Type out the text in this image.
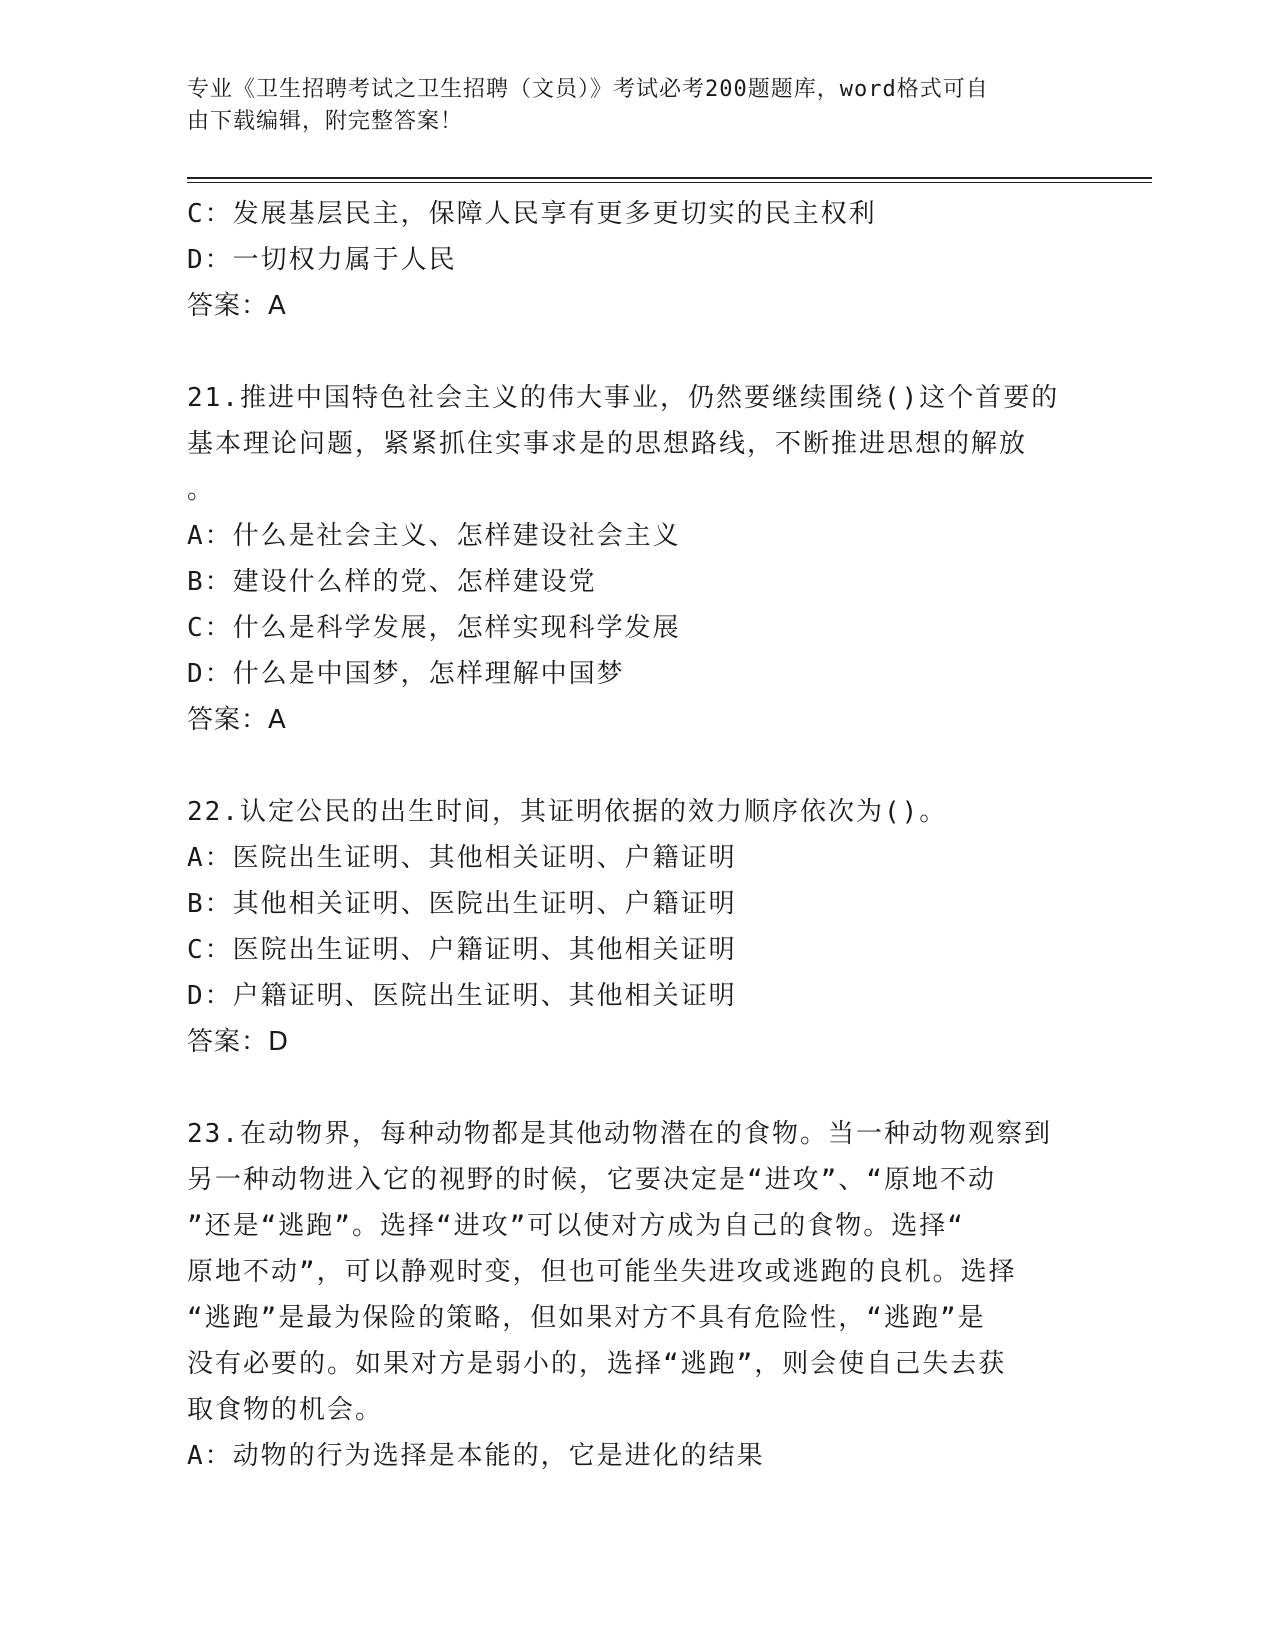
专业《卫生招聘考试之卫生招聘（文员）》考试必考200题题库，word格式可自
由下载编辑，附完整答案！
C：发展基层民主，保障人民享有更多更切实的民主权利
D：一切权力属于人民
答案：A
21.推进中国特色社会主义的伟大事业，仍然要继续围绕()这个首要的
基本理论问题，紧紧抓住实事求是的思想路线，不断推进思想的解放
。
A：什么是社会主义、怎样建设社会主义
B：建设什么样的党、怎样建设党
C：什么是科学发展，怎样实现科学发展
D：什么是中国梦，怎样理解中国梦
答案：A
22.认定公民的出生时间，其证明依据的效力顺序依次为()。
A：医院出生证明、其他相关证明、户籍证明
B：其他相关证明、医院出生证明、户籍证明
C：医院出生证明、户籍证明、其他相关证明
D：户籍证明、医院出生证明、其他相关证明
答案：D
23.在动物界，每种动物都是其他动物潜在的食物。当一种动物观察到
另一种动物进入它的视野的时候，它要决定是“进攻”、“原地不动
”还是“逃跑”。选择“进攻”可以使对方成为自己的食物。选择“
原地不动”，可以静观时变，但也可能坐失进攻或逃跑的良机。选择
“逃跑”是最为保险的策略，但如果对方不具有危险性，“逃跑”是
没有必要的。如果对方是弱小的，选择“逃跑”，则会使自己失去获
取食物的机会。
A：动物的行为选择是本能的，它是进化的结果
